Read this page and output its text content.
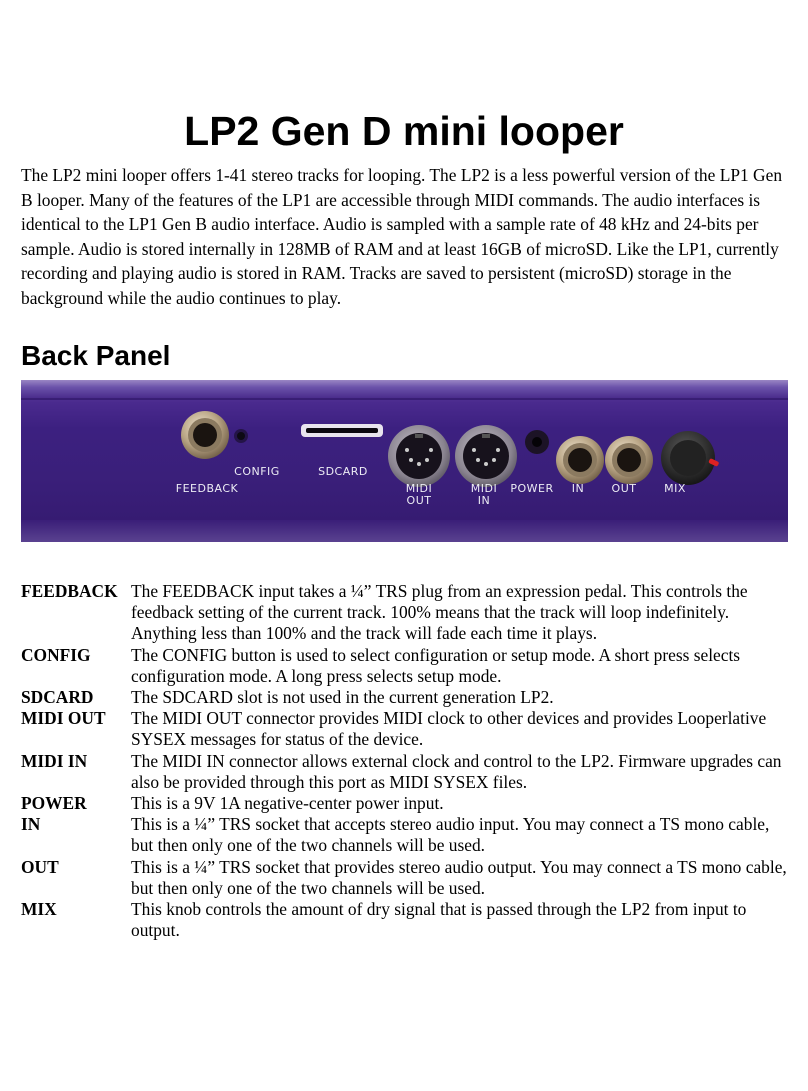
LP2 Gen D mini looper

The LP2 mini looper offers 1-41 stereo tracks for looping. The LP2 is a less powerful version of the LP1 Gen B looper. Many of the features of the LP1 are accessible through MIDI commands. The audio interfaces is identical to the LP1 Gen B audio interface. Audio is sampled with a sample rate of 48 kHz and 24-bits per sample. Audio is stored internally in 128MB of RAM and at least 16GB of microSD. Like the LP1, currently recording and playing audio is stored in RAM. Tracks are saved to persistent (microSD) storage in the background while the audio continues to play.

Back Panel
FEEDBACK
CONFIG	SDCARD
MIDI
OUT
MIDI
IN
POWER	IN	OUT	MIX
FEEDBACK The FEEDBACK input takes a ¼” TRS plug from an expression pedal. This controls the feedback setting of the current track. 100% means that the track will loop indefinitely. Anything less than 100% and the track will fade each time it plays.
CONFIG	The CONFIG button is used to select configuration or setup mode. A short press selects configuration mode. A long press selects setup mode.
SDCARD	The SDCARD slot is not used in the current generation LP2.
MIDI OUT	The MIDI OUT connector provides MIDI clock to other devices and provides Looperlative SYSEX messages for status of the device.
MIDI IN	The MIDI IN connector allows external clock and control to the LP2. Firmware upgrades can also be provided through this port as MIDI SYSEX files.
POWER	This is a 9V 1A negative-center power input.
IN	This is a ¼” TRS socket that accepts stereo audio input. You may connect a TS mono cable, but then only one of the two channels will be used.
OUT	This is a ¼” TRS socket that provides stereo audio output. You may connect a TS mono cable, but then only one of the two channels will be used.
MIX	This knob controls the amount of dry signal that is passed through the LP2 from input to output.
